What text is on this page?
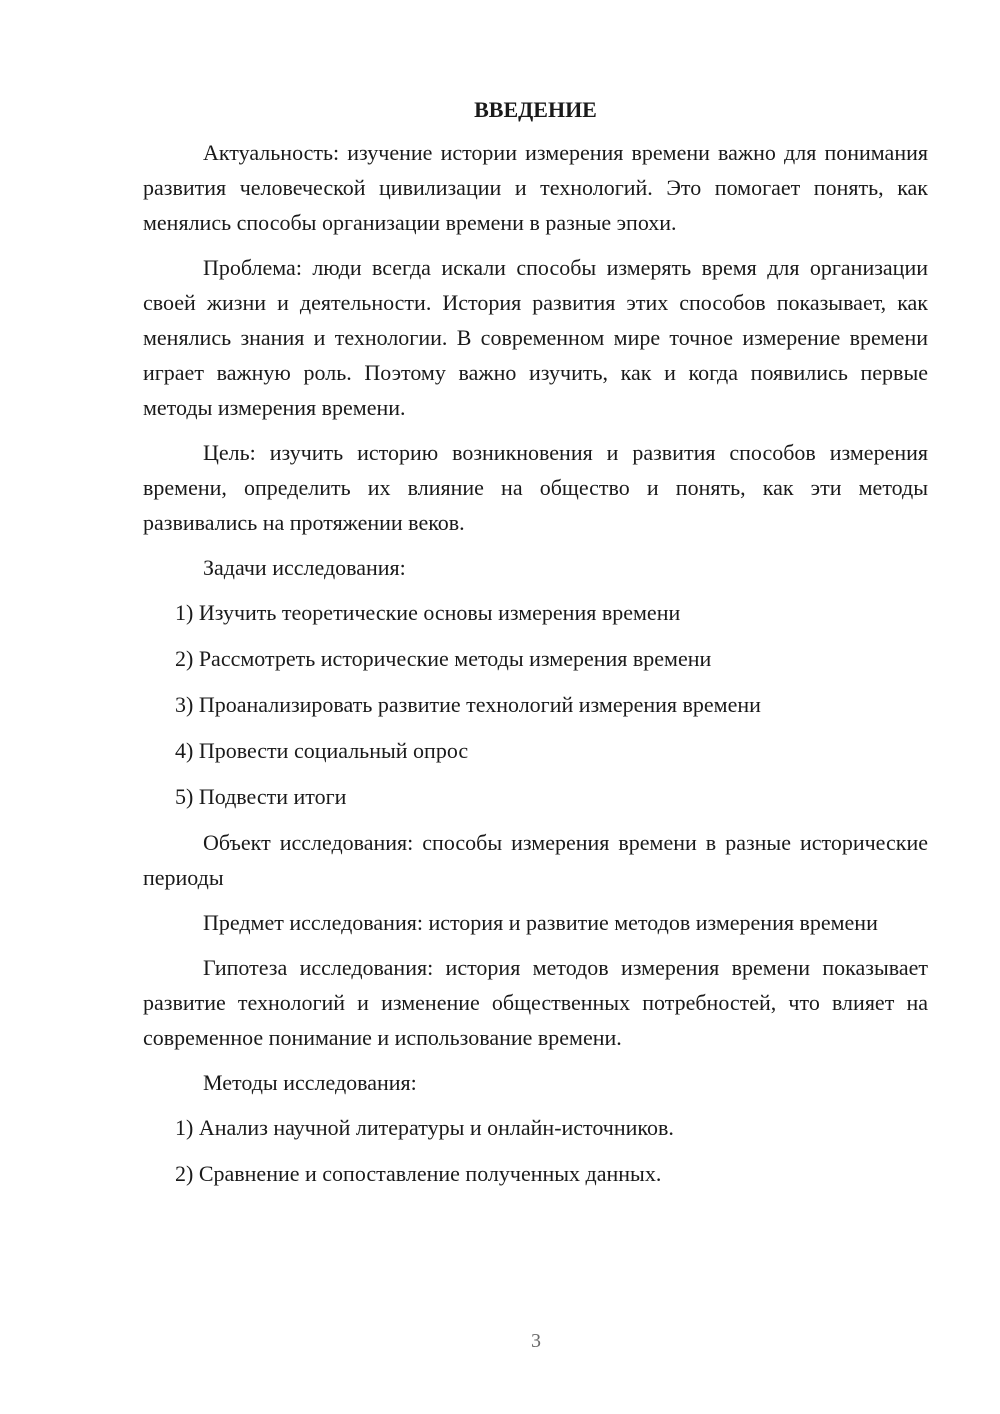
ВВЕДЕНИЕ

Актуальность: изучение истории измерения времени важно для понимания развития человеческой цивилизации и технологий. Это помогает понять, как менялись способы организации времени в разные эпохи.

Проблема: люди всегда искали способы измерять время для организации своей жизни и деятельности. История развития этих способов показывает, как менялись знания и технологии. В современном мире точное измерение времени играет важную роль. Поэтому важно изучить, как и когда появились первые методы измерения времени.

Цель: изучить историю возникновения и развития способов измерения времени, определить их влияние на общество и понять, как эти методы развивались на протяжении веков.

Задачи исследования:

1) Изучить теоретические основы измерения времени
2) Рассмотреть исторические методы измерения времени
3) Проанализировать развитие технологий измерения времени
4) Провести социальный опрос
5) Подвести итоги

Объект исследования: способы измерения времени в разные исторические периоды

Предмет исследования: история и развитие методов измерения времени

Гипотеза исследования: история методов измерения времени показывает развитие технологий и изменение общественных потребностей, что влияет на современное понимание и использование времени.

Методы исследования:

1) Анализ научной литературы и онлайн-источников.
2) Сравнение и сопоставление полученных данных.
3
